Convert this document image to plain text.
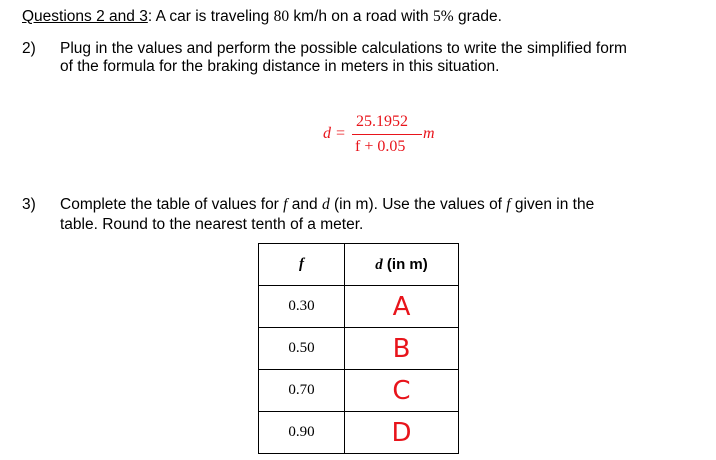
Questions 2 and 3: A car is traveling 80 km/h on a road with 5% grade.
2) Plug in the values and perform the possible calculations to write the simplified form
of the formula for the braking distance in meters in this situation.
d =
25.1952
f + 0.05
m
3) Complete the table of values for f and d (in m). Use the values of f given in the
table. Round to the nearest tenth of a meter.
f	d (in m)
0.30	A
0.50	B
0.70	C
0.90	D
